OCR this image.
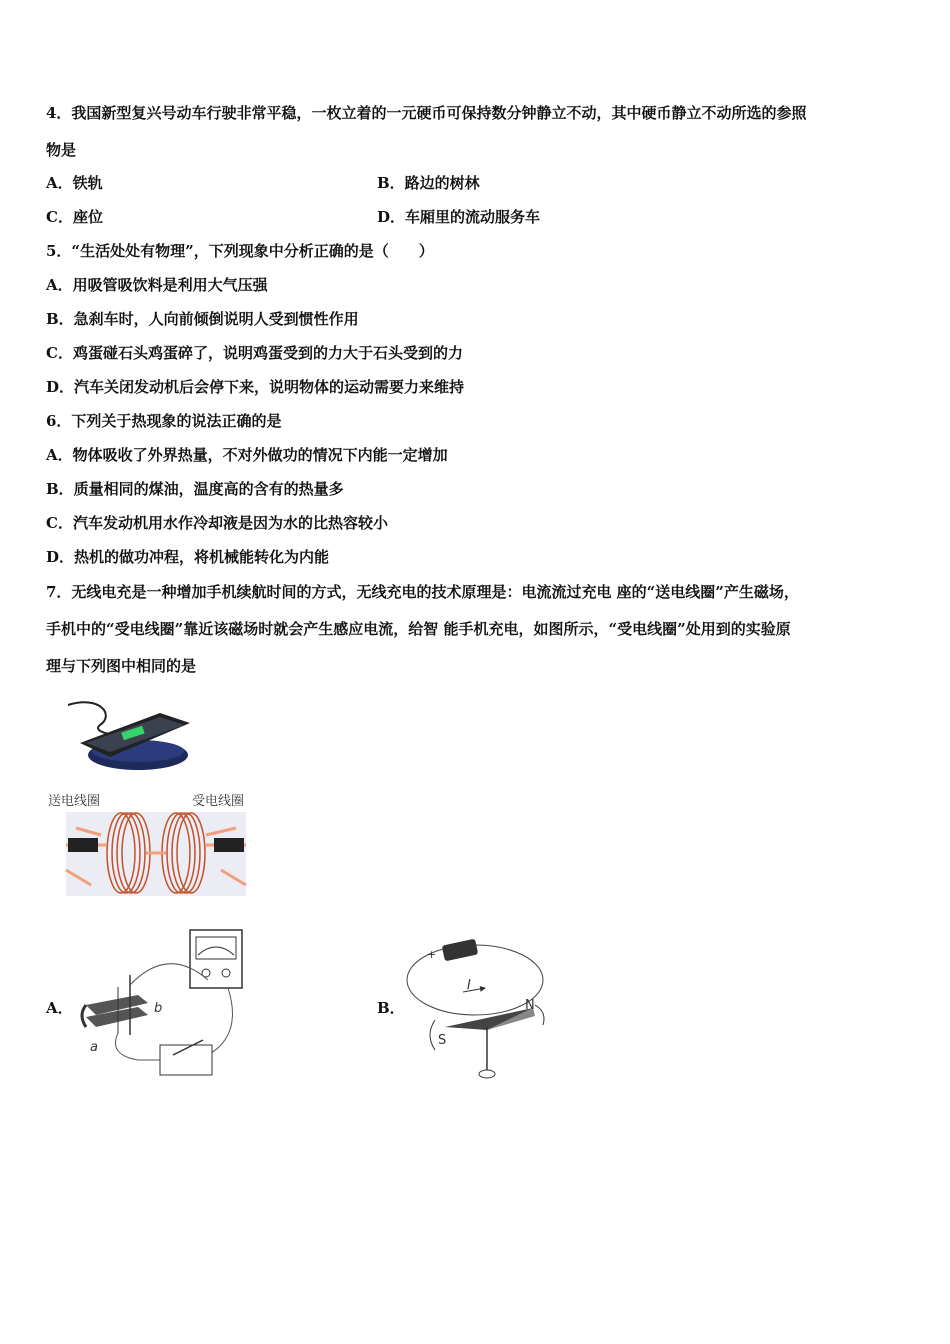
4．我国新型复兴号动车行驶非常平稳，一枚立着的一元硬币可保持数分钟静立不动，其中硬币静立不动所选的参照
物是
A．铁轨	B．路边的树林
C．座位	D．车厢里的流动服务车
5．“生活处处有物理”，下列现象中分析正确的是（　　）
A．用吸管吸饮料是利用大气压强
B．急刹车时，人向前倾倒说明人受到惯性作用
C．鸡蛋碰石头鸡蛋碎了，说明鸡蛋受到的力大于石头受到的力
D．汽车关闭发动机后会停下来，说明物体的运动需要力来维持
6．下列关于热现象的说法正确的是
A．物体吸收了外界热量，不对外做功的情况下内能一定增加
B．质量相同的煤油，温度高的含有的热量多
C．汽车发动机用水作冷却液是因为水的比热容较小
D．热机的做功冲程，将机械能转化为内能
7．无线电充是一种增加手机续航时间的方式，无线充电的技术原理是：电流流过充电 座的“送电线圈”产生磁场，
手机中的“受电线圈”靠近该磁场时就会产生感应电流，给智 能手机充电，如图所示，“受电线圈”处用到的实验原
理与下列图中相同的是
送电线圈	受电线圈
A．
a
b	B．
+
I
N
S
